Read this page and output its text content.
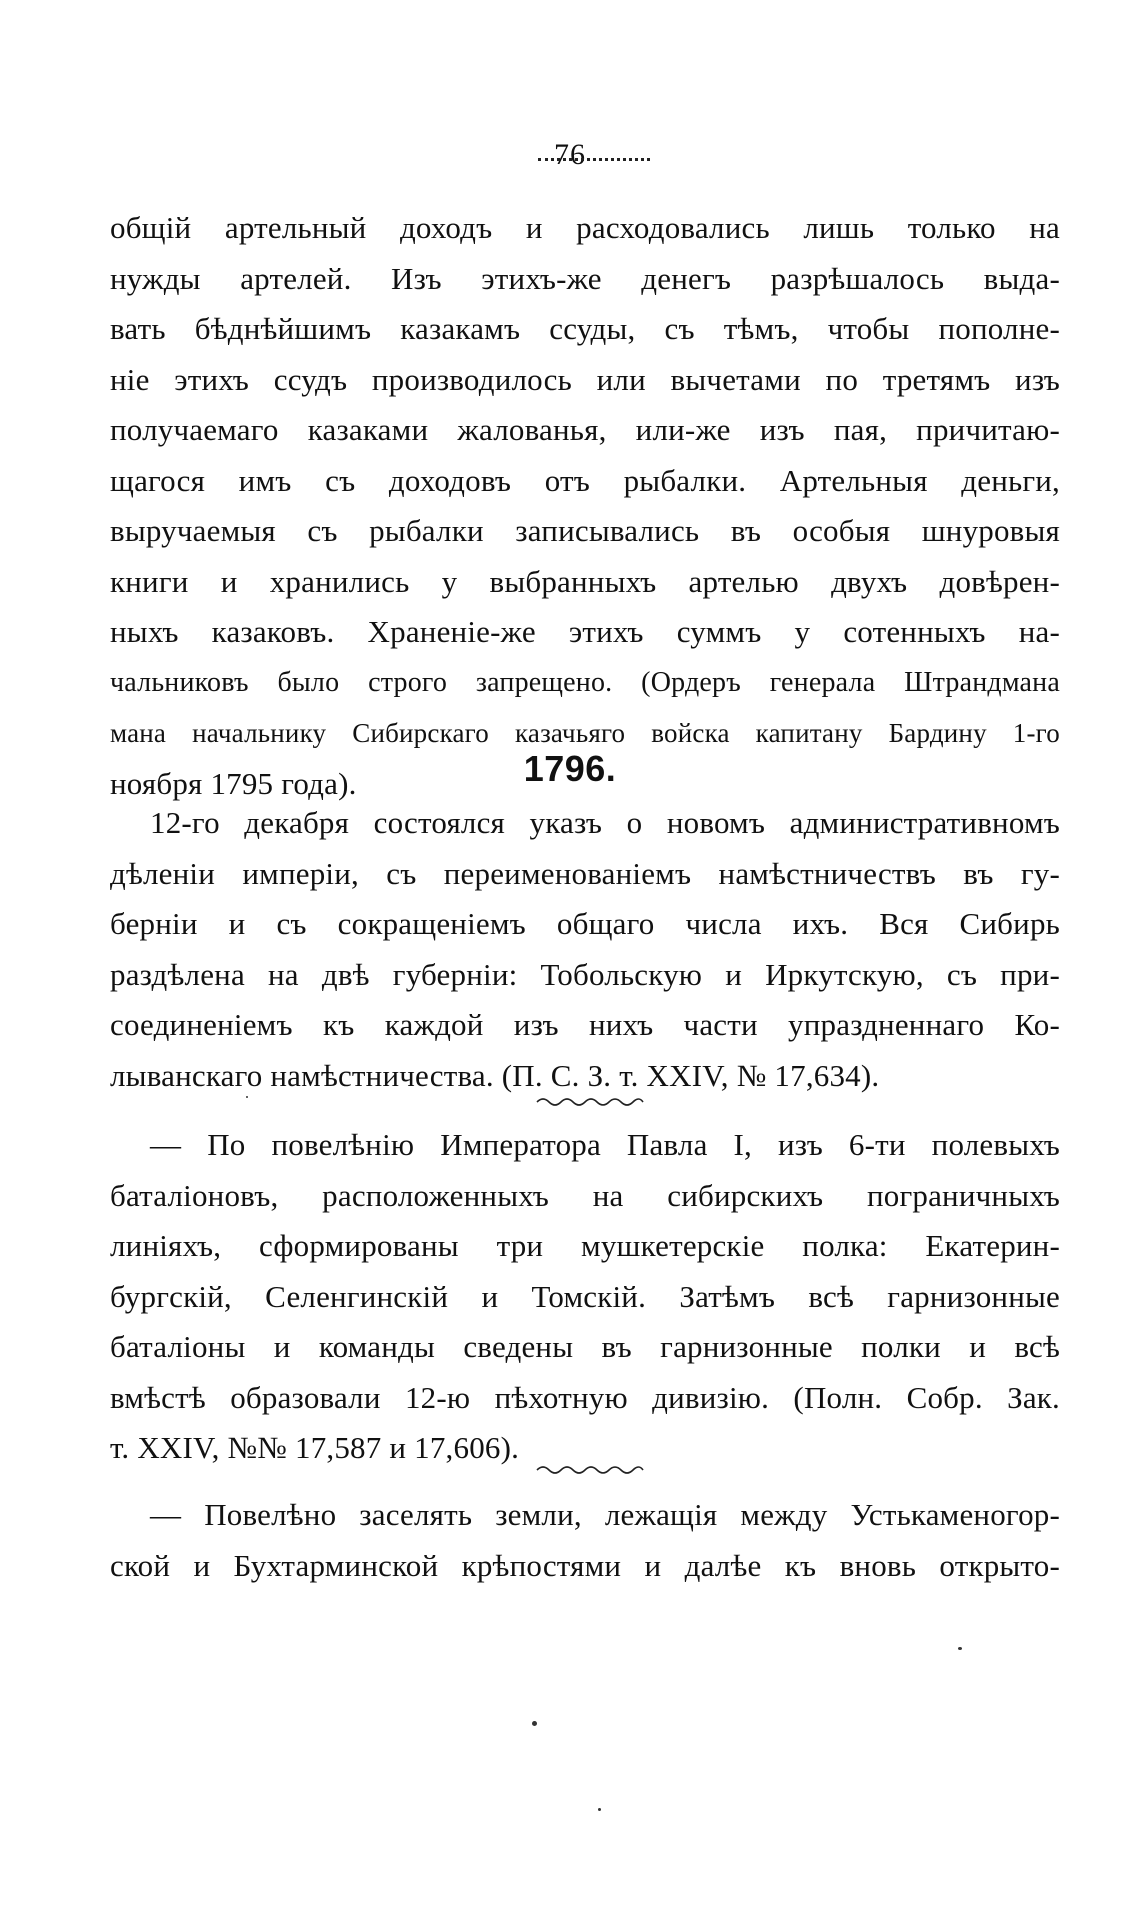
76
общій артельный доходъ и расходовались лишь только на
нужды артелей. Изъ этихъ-же денегъ разрѣшалось выда-
вать бѣднѣйшимъ казакамъ ссуды, съ тѣмъ, чтобы пополне-
ніе этихъ ссудъ производилось или вычетами по третямъ изъ
получаемаго казаками жалованья, или-же изъ пая, причитаю-
щагося имъ съ доходовъ отъ рыбалки. Артельныя деньги,
выручаемыя съ рыбалки записывались въ особыя шнуровыя
книги и хранились у выбранныхъ артелью двухъ довѣрен-
ныхъ казаковъ. Храненіе-же этихъ суммъ у сотенныхъ на-
чальниковъ было строго запрещено. (Ордеръ генерала Штрандмана
мана начальнику Сибирскаго казачьяго войска капитану Бардину 1-го
ноября 1795 года).	1796.
12-го декабря состоялся указъ о новомъ административномъ
дѣленіи имперіи, съ переименованіемъ намѣстничествъ въ гу-
берніи и съ сокращеніемъ общаго числа ихъ. Вся Сибирь
раздѣлена на двѣ губерніи: Тобольскую и Иркутскую, съ при-
соединеніемъ къ каждой изъ нихъ части упраздненнаго Ко-
лыванскаго намѣстничества. (П. С. З. т. XXIV, № 17,634).
— По повелѣнію Императора Павла I, изъ 6-ти полевыхъ
баталіоновъ, расположенныхъ на сибирскихъ пограничныхъ
линіяхъ, сформированы три мушкетерскіе полка: Екатерин-
бургскій, Селенгинскій и Томскій. Затѣмъ всѣ гарнизонные
баталіоны и команды сведены въ гарнизонные полки и всѣ
вмѣстѣ образовали 12-ю пѣхотную дивизію. (Полн. Собр. Зак.
т. XXIV, №№ 17,587 и 17,606).
— Повелѣно заселять земли, лежащія между Устькаменогор-
ской и Бухтарминской крѣпостями и далѣе къ вновь открыто-
